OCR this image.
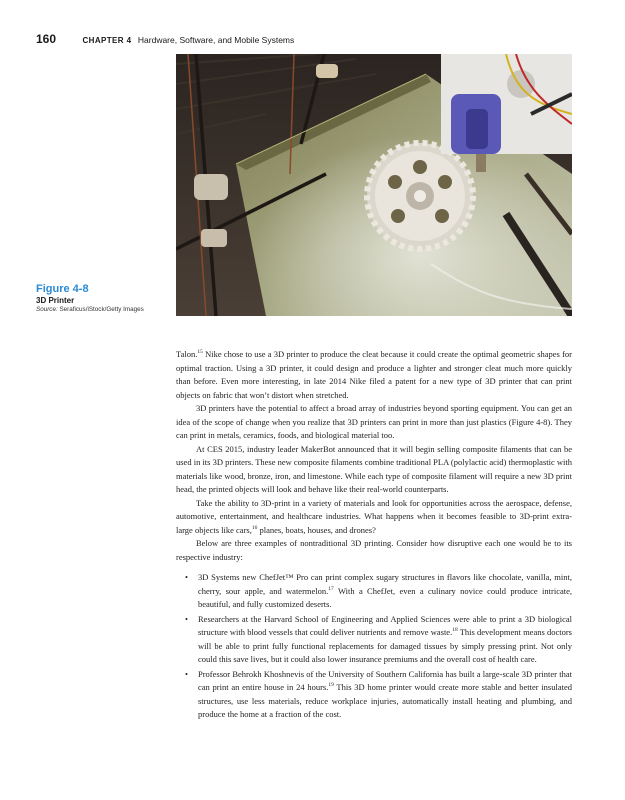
160	CHAPTER 4 Hardware, Software, and Mobile Systems
Figure 4-8
3D Printer
Source: Seraficus/iStock/Getty Images

Talon.$^{15}$ Nike chose to use a 3D printer to produce the cleat because it could create the optimal geometric shapes for optimal traction. Using a 3D printer, it could design and produce a lighter and stronger cleat much more quickly than before. Even more interesting, in late 2014 Nike filed a patent for a new type of 3D printer that can print objects on fabric that won’t distort when stretched.

3D printers have the potential to affect a broad array of industries beyond sporting equipment. You can get an idea of the scope of change when you realize that 3D printers can print in more than just plastics (Figure 4-8). They can print in metals, ceramics, foods, and biological material too.

At CES 2015, industry leader MakerBot announced that it will begin selling composite filaments that can be used in its 3D printers. These new composite filaments combine traditional PLA (polylactic acid) thermoplastic with materials like wood, bronze, iron, and limestone. While each type of composite filament will require a new 3D print head, the printed objects will look and behave like their real-world counterparts.

Take the ability to 3D-print in a variety of materials and look for opportunities across the aerospace, defense, automotive, entertainment, and healthcare industries. What happens when it becomes feasible to 3D-print extra-large objects like cars,$^{16}$ planes, boats, houses, and drones?

Below are three examples of nontraditional 3D printing. Consider how disruptive each one would be to its respective industry:

• 3D Systems new ChefJet™ Pro can print complex sugary structures in flavors like chocolate, vanilla, mint, cherry, sour apple, and watermelon.$^{17}$ With a ChefJet, even a culinary novice could produce intricate, beautiful, and fully customized deserts.
• Researchers at the Harvard School of Engineering and Applied Sciences were able to print a 3D biological structure with blood vessels that could deliver nutrients and remove waste.$^{18}$ This development means doctors will be able to print fully functional replacements for damaged tissues by simply pressing print. Not only could this save lives, but it could also lower insurance premiums and the overall cost of health care.
• Professor Behrokh Khoshnevis of the University of Southern California has built a large-scale 3D printer that can print an entire house in 24 hours.$^{19}$ This 3D home printer would create more stable and better insulated structures, use less materials, reduce workplace injuries, automatically install heating and plumbing, and produce the home at a fraction of the cost.
